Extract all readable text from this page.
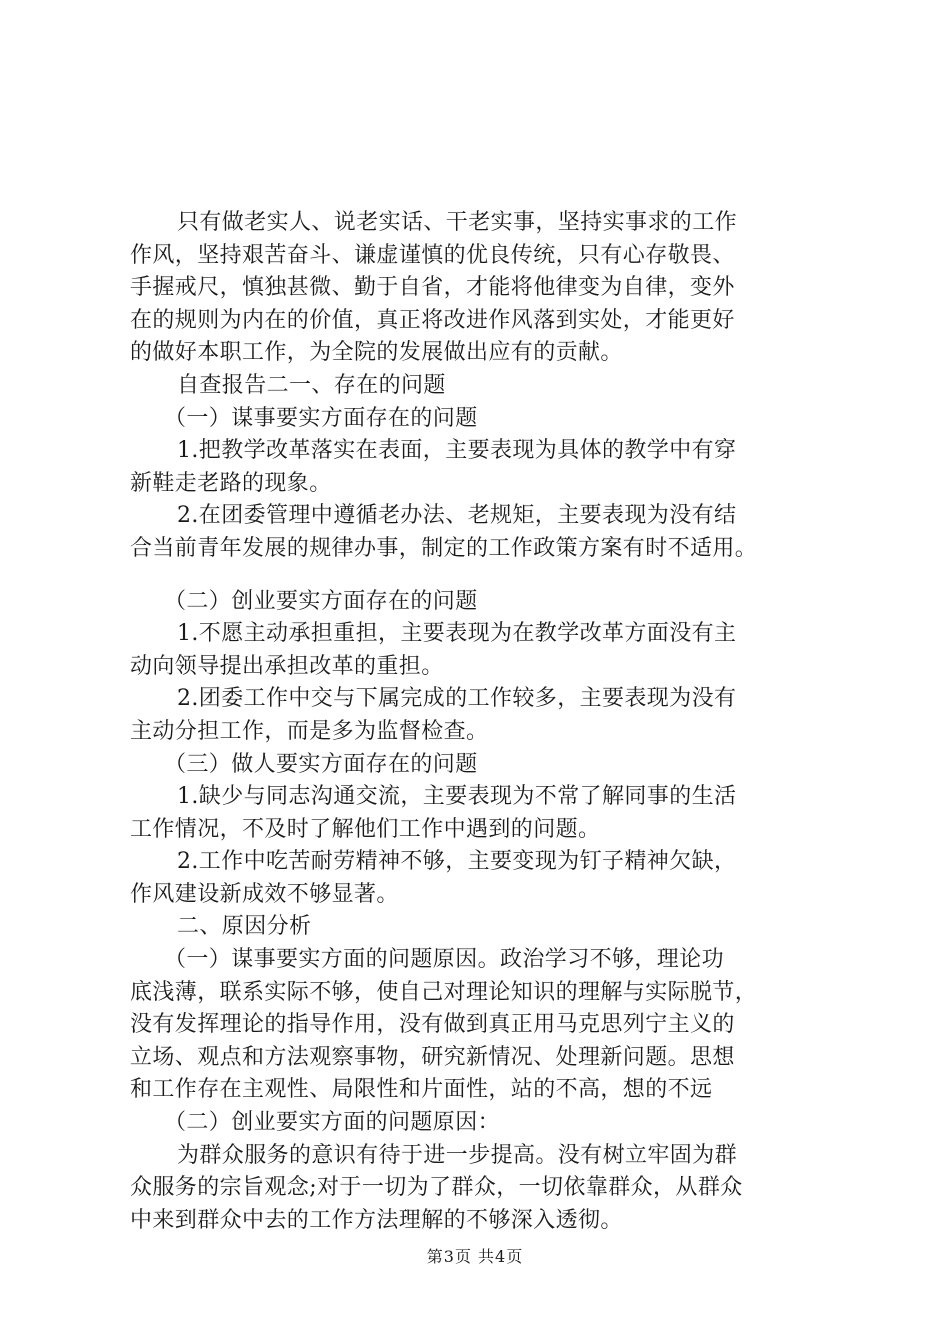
只有做老实人、说老实话、干老实事，坚持实事求的工作
作风，坚持艰苦奋斗、谦虚谨慎的优良传统，只有心存敬畏、
手握戒尺，慎独甚微、勤于自省，才能将他律变为自律，变外
在的规则为内在的价值，真正将改进作风落到实处，才能更好
的做好本职工作，为全院的发展做出应有的贡献。
自查报告二一、存在的问题
（一）谋事要实方面存在的问题
1.把教学改革落实在表面，主要表现为具体的教学中有穿
新鞋走老路的现象。
2.在团委管理中遵循老办法、老规矩，主要表现为没有结
合当前青年发展的规律办事，制定的工作政策方案有时不适用。
（二）创业要实方面存在的问题
1.不愿主动承担重担，主要表现为在教学改革方面没有主
动向领导提出承担改革的重担。
2.团委工作中交与下属完成的工作较多，主要表现为没有
主动分担工作，而是多为监督检查。
（三）做人要实方面存在的问题
1.缺少与同志沟通交流，主要表现为不常了解同事的生活
工作情况，不及时了解他们工作中遇到的问题。
2.工作中吃苦耐劳精神不够，主要变现为钉子精神欠缺，
作风建设新成效不够显著。
二、原因分析
（一）谋事要实方面的问题原因。政治学习不够，理论功
底浅薄，联系实际不够，使自己对理论知识的理解与实际脱节，
没有发挥理论的指导作用，没有做到真正用马克思列宁主义的
立场、观点和方法观察事物，研究新情况、处理新问题。思想
和工作存在主观性、局限性和片面性，站的不高，想的不远
（二）创业要实方面的问题原因：
为群众服务的意识有待于进一步提高。没有树立牢固为群
众服务的宗旨观念;对于一切为了群众，一切依靠群众，从群众
中来到群众中去的工作方法理解的不够深入透彻。
第3页 共4页
